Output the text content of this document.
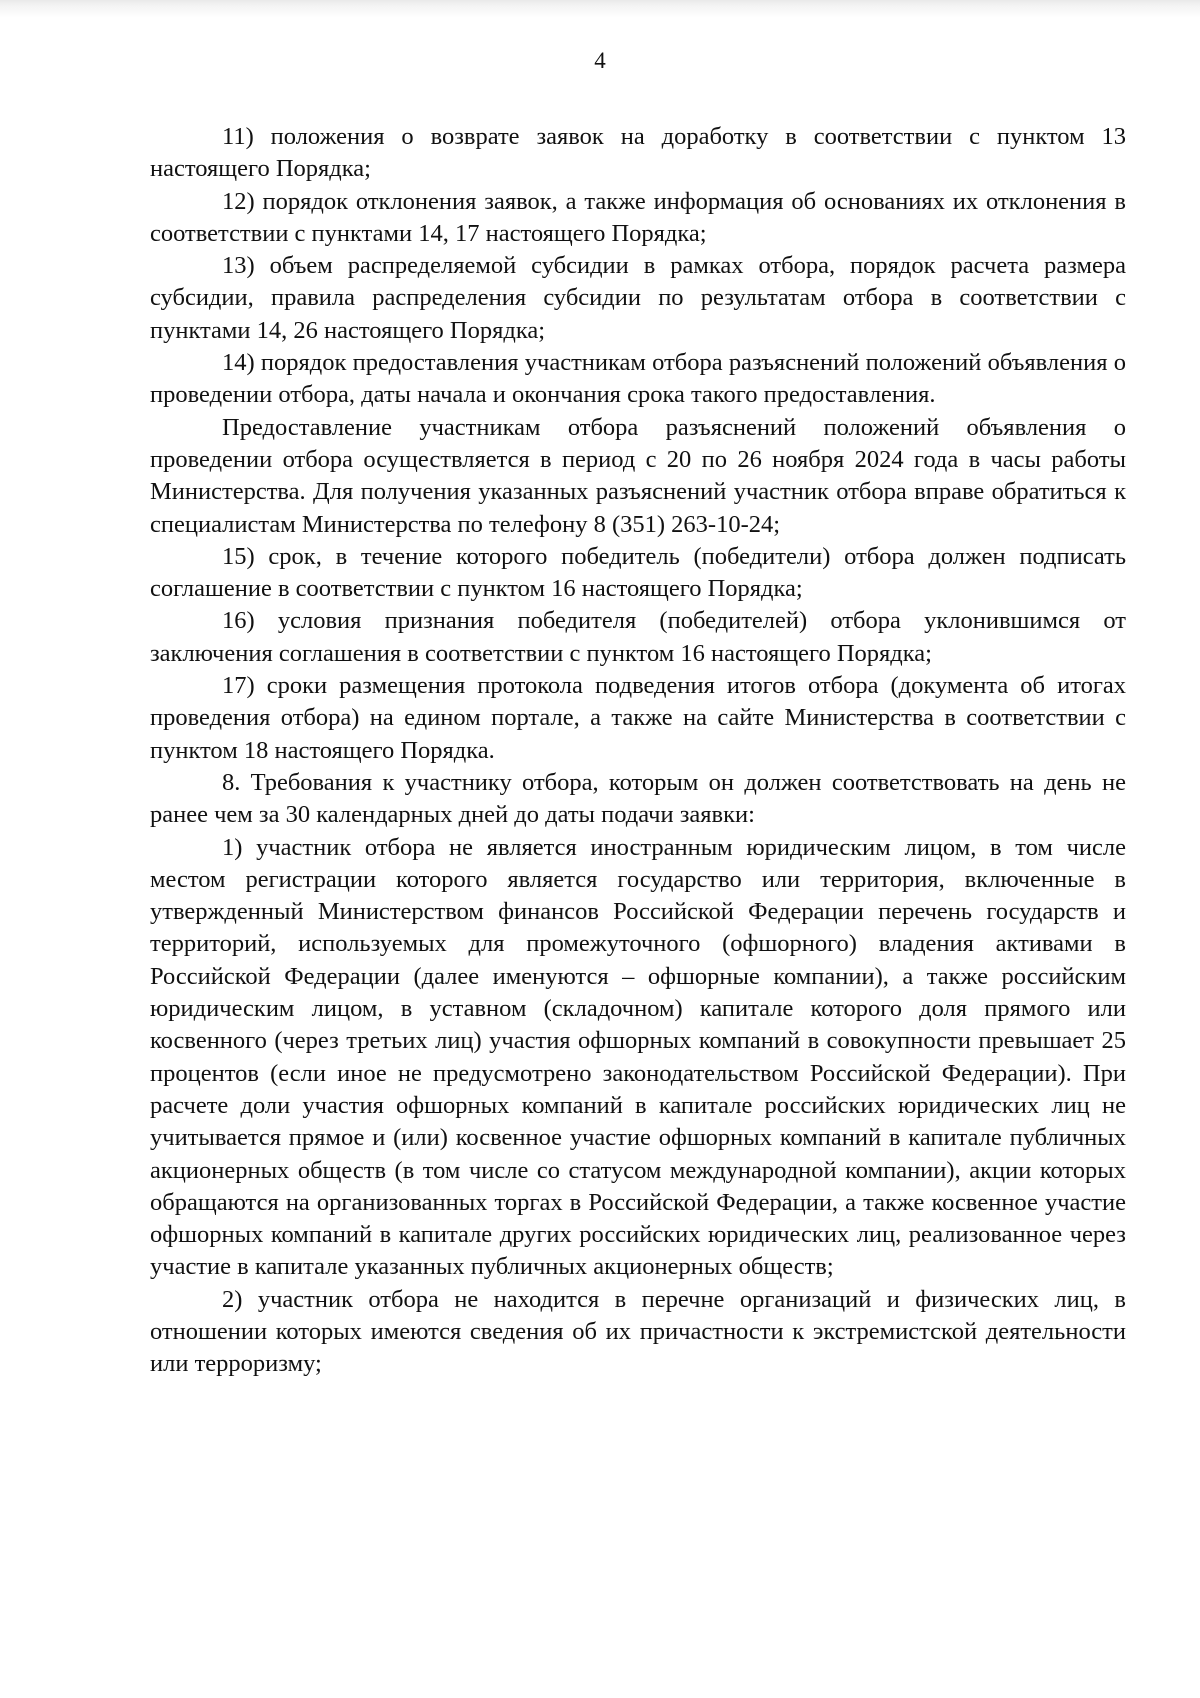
4

11) положения о возврате заявок на доработку в соответствии с пунктом 13 настоящего Порядка;

12) порядок отклонения заявок, а также информация об основаниях их отклонения в соответствии с пунктами 14, 17 настоящего Порядка;

13) объем распределяемой субсидии в рамках отбора, порядок расчета размера субсидии, правила распределения субсидии по результатам отбора в соответствии с пунктами 14, 26 настоящего Порядка;

14) порядок предоставления участникам отбора разъяснений положений объявления о проведении отбора, даты начала и окончания срока такого предоставления.

Предоставление участникам отбора разъяснений положений объявления о проведении отбора осуществляется в период с 20 по 26 ноября 2024 года в часы работы Министерства. Для получения указанных разъяснений участник отбора вправе обратиться к специалистам Министерства по телефону 8 (351) 263-10-24;

15) срок, в течение которого победитель (победители) отбора должен подписать соглашение в соответствии с пунктом 16 настоящего Порядка;

16) условия признания победителя (победителей) отбора уклонившимся от заключения соглашения в соответствии с пунктом 16 настоящего Порядка;

17) сроки размещения протокола подведения итогов отбора (документа об итогах проведения отбора) на едином портале, а также на сайте Министерства в соответствии с пунктом 18 настоящего Порядка.

8. Требования к участнику отбора, которым он должен соответствовать на день не ранее чем за 30 календарных дней до даты подачи заявки:

1) участник отбора не является иностранным юридическим лицом, в том числе местом регистрации которого является государство или территория, включенные в утвержденный Министерством финансов Российской Федерации перечень государств и территорий, используемых для промежуточного (офшорного) владения активами в Российской Федерации (далее именуются – офшорные компании), а также российским юридическим лицом, в уставном (складочном) капитале которого доля прямого или косвенного (через третьих лиц) участия офшорных компаний в совокупности превышает 25 процентов (если иное не предусмотрено законодательством Российской Федерации). При расчете доли участия офшорных компаний в капитале российских юридических лиц не учитывается прямое и (или) косвенное участие офшорных компаний в капитале публичных акционерных обществ (в том числе со статусом международной компании), акции которых обращаются на организованных торгах в Российской Федерации, а также косвенное участие офшорных компаний в капитале других российских юридических лиц, реализованное через участие в капитале указанных публичных акционерных обществ;

2) участник отбора не находится в перечне организаций и физических лиц, в отношении которых имеются сведения об их причастности к экстремистской деятельности или терроризму;
